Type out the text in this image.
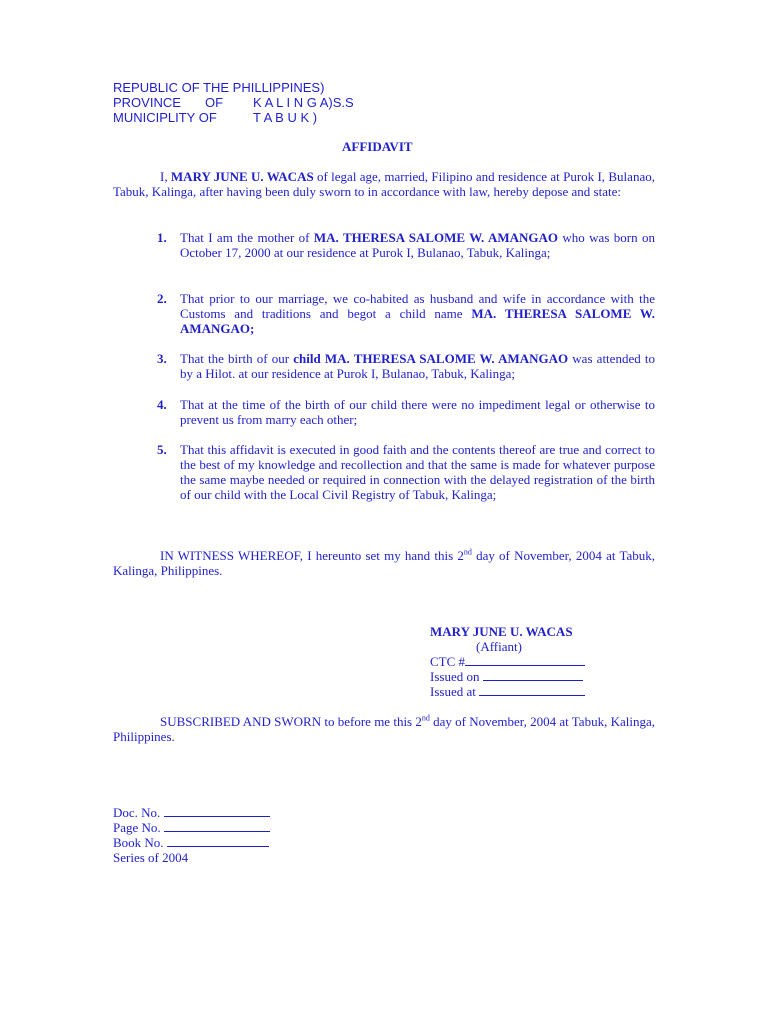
REPUBLIC OF THE PHILLIPPINES)
PROVINCE OF K A L I N G A)S.S
MUNICIPLITY OF	T A B U K )
AFFIDAVIT
I, MARY JUNE U. WACAS of legal age, married, Filipino and residence at Purok I, Bulanao, Tabuk, Kalinga, after having been duly sworn to in accordance with law, hereby depose and state:
1. That I am the mother of MA. THERESA SALOME W. AMANGAO who was born on October 17, 2000 at our residence at Purok I, Bulanao, Tabuk, Kalinga;
2. That prior to our marriage, we co-habited as husband and wife in accordance with the Customs and traditions and begot a child name MA. THERESA SALOME W. AMANGAO;
3. That the birth of our child MA. THERESA SALOME W. AMANGAO was attended to by a Hilot. at our residence at Purok I, Bulanao, Tabuk, Kalinga;
4. That at the time of the birth of our child there were no impediment legal or otherwise to prevent us from marry each other;
5. That this affidavit is executed in good faith and the contents thereof are true and correct to the best of my knowledge and recollection and that the same is made for whatever purpose the same maybe needed or required in connection with the delayed registration of the birth of our child with the Local Civil Registry of Tabuk, Kalinga;
IN WITNESS WHEREOF, I hereunto set my hand this 2nd day of November, 2004 at Tabuk, Kalinga, Philippines.
MARY JUNE U. WACAS
(Affiant)
CTC #
Issued on
Issued at
SUBSCRIBED AND SWORN to before me this 2nd day of November, 2004 at Tabuk, Kalinga, Philippines.
Doc. No.
Page No.
Book No.
Series of 2004
